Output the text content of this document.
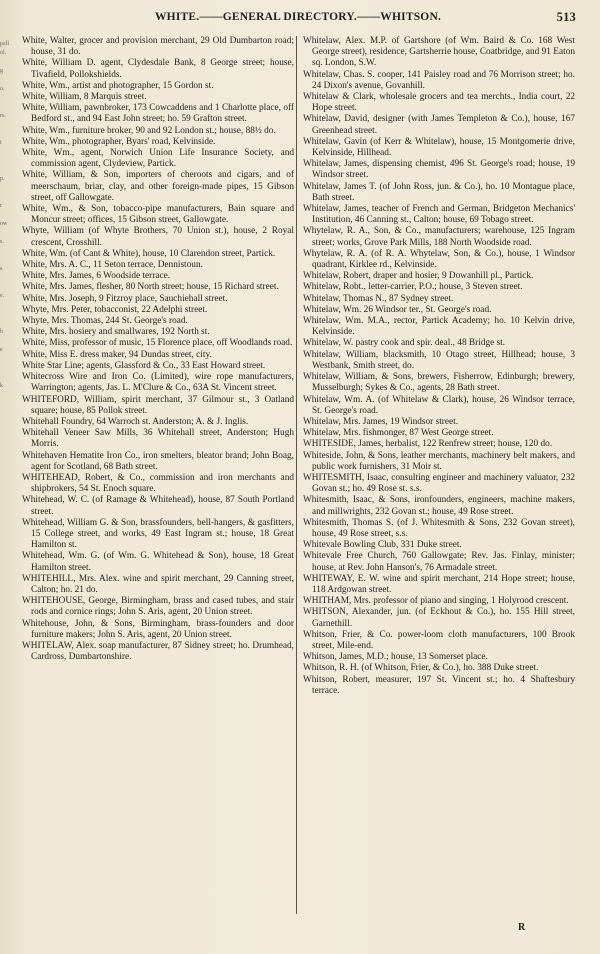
pall
ol.

g

o.

rs.

t

p.

r

ow

s.

s

e.

h

e

k

WHITE.——GENERAL DIRECTORY.——WHITSON.	513
White, Walter, grocer and provision merchant, 29 Old Dumbarton road; house, 31 do.
White, William D. agent, Clydesdale Bank, 8 George street; house, Tivafield, Pollokshields.
White, Wm., artist and photographer, 15 Gordon st.
White, William, 8 Marquis street.
White, William, pawnbroker, 173 Cowcaddens and 1 Charlotte place, off Bedford st., and 94 East John street; ho. 59 Grafton street.
White, Wm., furniture broker, 90 and 92 London st.; house, 88½ do.
White, Wm., photographer, Byars' road, Kelvinside.
White, Wm., agent, Norwich Union Life Insurance Society, and commission agent, Clydeview, Partick.
White, William, & Son, importers of cheroots and cigars, and of meerschaum, briar, clay, and other foreign-made pipes, 15 Gibson street, off Gallowgate.
White, Wm., & Son, tobacco-pipe manufacturers, Bain square and Moncur street; offices, 15 Gibson street, Gallowgate.
Whyte, William (of Whyte Brothers, 70 Union st.), house, 2 Royal crescent, Crosshill.
White, Wm. (of Cant & White), house, 10 Clarendon street, Partick.
White, Mrs. A. C., 11 Seton terrace, Dennistoun.
White, Mrs. James, 6 Woodside terrace.
White, Mrs. James, flesher, 80 North street; house, 15 Richard street.
White, Mrs. Joseph, 9 Fitzroy place, Sauchiehall street.
Whyte, Mrs. Peter, tobacconist, 22 Adelphi street.
Whyte, Mrs. Thomas, 244 St. George's road.
White, Mrs. hosiery and smallwares, 192 North st.
White, Miss, professor of music, 15 Florence place, off Woodlands road.
White, Miss E. dress maker, 94 Dundas street, city.
White Star Line; agents, Glassford & Co., 33 East Howard street.
Whitecross Wire and Iron Co. (Limited), wire rope manufacturers, Warrington; agents, Jas. L. M'Clure & Co., 63A St. Vincent street.
WHITEFORD, William, spirit merchant, 37 Gilmour st., 3 Oatland square; house, 85 Pollok street.
Whitehall Foundry, 64 Warroch st. Anderston; A. & J. Inglis.
Whitehall Veneer Saw Mills, 36 Whitehall street, Anderston; Hugh Morris.
Whitehaven Hematite Iron Co., iron smelters, bleator brand; John Boag, agent for Scotland, 68 Bath street.
WHITEHEAD, Robert, & Co., commission and iron merchants and shipbrokers, 54 St. Enoch square.
Whitehead, W. C. (of Ramage & Whitehead), house, 87 South Portland street.
Whitehead, William G. & Son, brassfounders, bell-hangers, & gasfitters, 15 College street, and works, 49 East Ingram st.; house, 18 Great Hamilton st.
Whitehead, Wm. G. (of Wm. G. Whitehead & Son), house, 18 Great Hamilton street.
WHITEHILL, Mrs. Alex. wine and spirit merchant, 29 Canning street, Calton; ho. 21 do.
WHITEHOUSE, George, Birmingham, brass and cased tubes, and stair rods and cornice rings; John S. Aris, agent, 20 Union street.
Whitehouse, John, & Sons, Birmingham, brass-founders and door furniture makers; John S. Aris, agent, 20 Union street.
WHITELAW, Alex. soap manufacturer, 87 Sidney street; ho. Drumhead, Cardross, Dumbartonshire.
Whitelaw, Alex. M.P. of Gartshore (of Wm. Baird & Co. 168 West George street), residence, Gartsherrie house, Coatbridge, and 91 Eaton sq. London, S.W.
Whitelaw, Chas. S. cooper, 141 Paisley road and 76 Morrison street; ho. 24 Dixon's avenue, Govanhill.
Whitelaw & Clark, wholesale grocers and tea merchts., India court, 22 Hope street.
Whitelaw, David, designer (with James Templeton & Co.), house, 167 Greenhead street.
Whitelaw, Gavin (of Kerr & Whitelaw), house, 15 Montgomerie drive, Kelvinside, Hillhead.
Whitelaw, James, dispensing chemist, 496 St. George's road; house, 19 Windsor street.
Whitelaw, James T. (of John Ross, jun. & Co.), ho. 10 Montague place, Bath street.
Whitelaw, James, teacher of French and German, Bridgeton Mechanics' Institution, 46 Canning st., Calton; house, 69 Tobago street.
Whytelaw, R. A., Son, & Co., manufacturers; warehouse, 125 Ingram street; works, Grove Park Mills, 188 North Woodside road.
Whytelaw, R. A. (of R. A. Whytelaw, Son, & Co.), house, 1 Windsor quadrant, Kirklee rd., Kelvinside.
Whitelaw, Robert, draper and hosier, 9 Dowanhill pl., Partick.
Whitelaw, Robt., letter-carrier, P.O.; house, 3 Steven street.
Whitelaw, Thomas N., 87 Sydney street.
Whitelaw, Wm. 26 Windsor ter., St. George's road.
Whitelaw, Wm. M.A., rector, Partick Academy; ho. 10 Kelvin drive, Kelvinside.
Whitelaw, W. pastry cook and spir. deal., 48 Bridge st.
Whitelaw, William, blacksmith, 10 Otago street, Hillhead; house, 3 Westbank, Smith street, do.
Whitelaw, William, & Sons, brewers, Fisherrow, Edinburgh; brewery, Musselburgh; Sykes & Co., agents, 28 Bath street.
Whitelaw, Wm. A. (of Whitelaw & Clark), house, 26 Windsor terrace, St. George's road.
Whitelaw, Mrs. James, 19 Windsor street.
Whitelaw, Mrs. fishmonger, 87 West George street.
WHITESIDE, James, herbalist, 122 Renfrew street; house, 120 do.
Whiteside, John, & Sons, leather merchants, machinery belt makers, and public work furnishers, 31 Moir st.
WHITESMITH, Isaac, consulting engineer and machinery valuator, 232 Govan st.; ho. 49 Rose st. s.s.
Whitesmith, Isaac, & Sons, ironfounders, engineers, machine makers, and millwrights, 232 Govan st.; house, 49 Rose street.
Whitesmith, Thomas S. (of J. Whitesmith & Sons, 232 Govan street), house, 49 Rose street, s.s.
Whitevale Bowling Club, 331 Duke street.
Whitevale Free Church, 760 Gallowgate; Rev. Jas. Finlay, minister; house, at Rev. John Hanson's, 76 Armadale street.
WHITEWAY, E. W. wine and spirit merchant, 214 Hope street; house, 118 Ardgowan street.
WHITHAM, Mrs. professor of piano and singing, 1 Holyrood crescent.
WHITSON, Alexander, jun. (of Eckhout & Co.), ho. 155 Hill street, Garnethill.
Whitson, Frier, & Co. power-loom cloth manufacturers, 100 Brook street, Mile-end.
Whitson, James, M.D.; house, 13 Somerset place.
Whitson, R. H. (of Whitson, Frier, & Co.), ho. 388 Duke street.
Whitson, Robert, measurer, 197 St. Vincent st.; ho. 4 Shaftesbury terrace.
R
